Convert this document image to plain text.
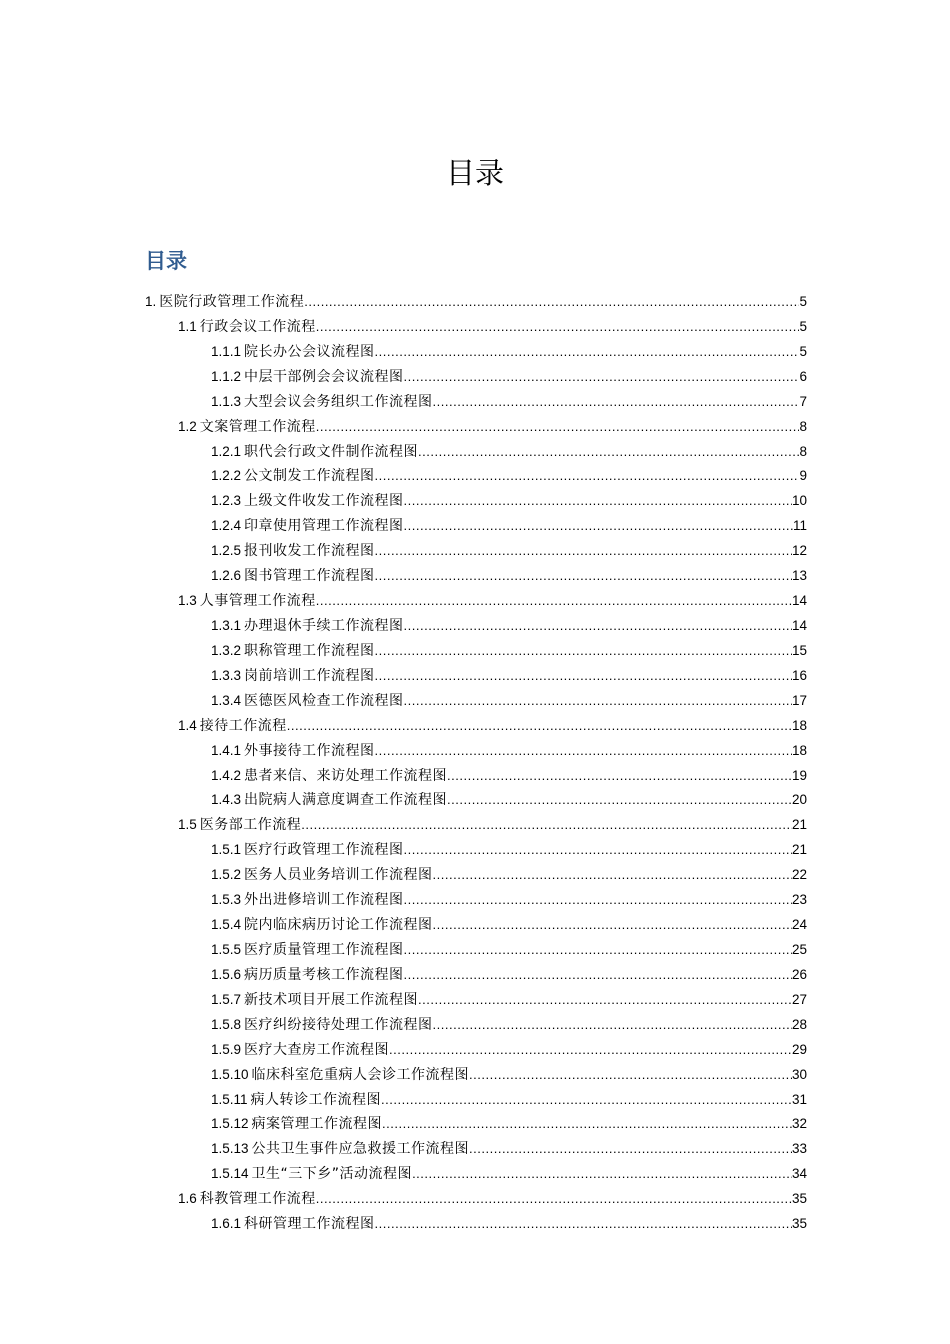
目录
目录
1. 医院行政管理工作流程 .....	5
1.1 行政会议工作流程 .....	5
1.1.1 院长办公会议流程图 .....	5
1.1.2 中层干部例会会议流程图 .....	6
1.1.3 大型会议会务组织工作流程图 .....	7
1.2 文案管理工作流程 .....	8
1.2.1 职代会行政文件制作流程图 .....	8
1.2.2 公文制发工作流程图 .....	9
1.2.3 上级文件收发工作流程图 .....	10
1.2.4 印章使用管理工作流程图 .....	11
1.2.5 报刊收发工作流程图 .....	12
1.2.6 图书管理工作流程图 .....	13
1.3 人事管理工作流程 .....	14
1.3.1 办理退休手续工作流程图 .....	14
1.3.2 职称管理工作流程图 .....	15
1.3.3 岗前培训工作流程图 .....	16
1.3.4 医德医风检查工作流程图 .....	17
1.4 接待工作流程 .....	18
1.4.1 外事接待工作流程图 .....	18
1.4.2 患者来信、来访处理工作流程图 .....	19
1.4.3 出院病人满意度调查工作流程图 .....	20
1.5 医务部工作流程 .....	21
1.5.1 医疗行政管理工作流程图 .....	21
1.5.2 医务人员业务培训工作流程图 .....	22
1.5.3 外出进修培训工作流程图 .....	23
1.5.4 院内临床病历讨论工作流程图 .....	24
1.5.5 医疗质量管理工作流程图 .....	25
1.5.6 病历质量考核工作流程图 .....	26
1.5.7 新技术项目开展工作流程图 .....	27
1.5.8 医疗纠纷接待处理工作流程图 .....	28
1.5.9 医疗大查房工作流程图 .....	29
1.5.10 临床科室危重病人会诊工作流程图 .....	30
1.5.11 病人转诊工作流程图 .....	31
1.5.12 病案管理工作流程图 .....	32
1.5.13 公共卫生事件应急救援工作流程图 .....	33
1.5.14 卫生“三下乡”活动流程图 .....	34
1.6 科教管理工作流程 .....	35
1.6.1 科研管理工作流程图 .....	35
